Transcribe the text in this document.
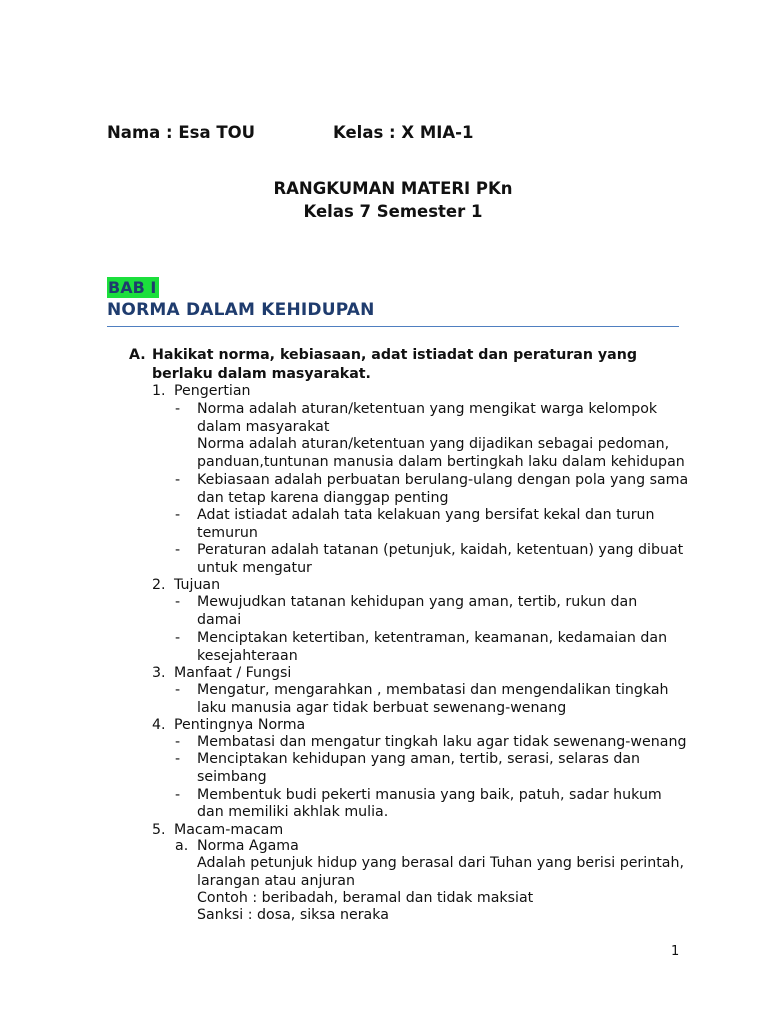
Nama : Esa TOU	Kelas : X MIA-1
RANGKUMAN MATERI PKn
Kelas 7 Semester 1
BAB I
NORMA DALAM KEHIDUPAN
A. Hakikat norma, kebiasaan, adat istiadat dan peraturan yang
berlaku dalam masyarakat.
1. Pengertian
- Norma adalah aturan/ketentuan yang mengikat warga kelompok
dalam masyarakat
Norma adalah aturan/ketentuan yang dijadikan sebagai pedoman,
panduan,tuntunan manusia dalam bertingkah laku dalam kehidupan
- Kebiasaan adalah perbuatan berulang-ulang dengan pola yang sama
dan tetap karena dianggap penting
- Adat istiadat adalah tata kelakuan yang bersifat kekal dan turun
temurun
- Peraturan adalah tatanan (petunjuk, kaidah, ketentuan) yang dibuat
untuk mengatur
2. Tujuan
- Mewujudkan tatanan kehidupan yang aman, tertib, rukun dan
damai
- Menciptakan ketertiban, ketentraman, keamanan, kedamaian dan
kesejahteraan
3. Manfaat / Fungsi
- Mengatur, mengarahkan , membatasi dan mengendalikan tingkah
laku manusia agar tidak berbuat sewenang-wenang
4. Pentingnya Norma
- Membatasi dan mengatur tingkah laku agar tidak sewenang-wenang
- Menciptakan kehidupan yang aman, tertib, serasi, selaras dan
seimbang
- Membentuk budi pekerti manusia yang baik, patuh, sadar hukum
dan memiliki akhlak mulia.
5. Macam-macam
a. Norma Agama
Adalah petunjuk hidup yang berasal dari Tuhan yang berisi perintah,
larangan atau anjuran
Contoh : beribadah, beramal dan tidak maksiat
Sanksi : dosa, siksa neraka
1
